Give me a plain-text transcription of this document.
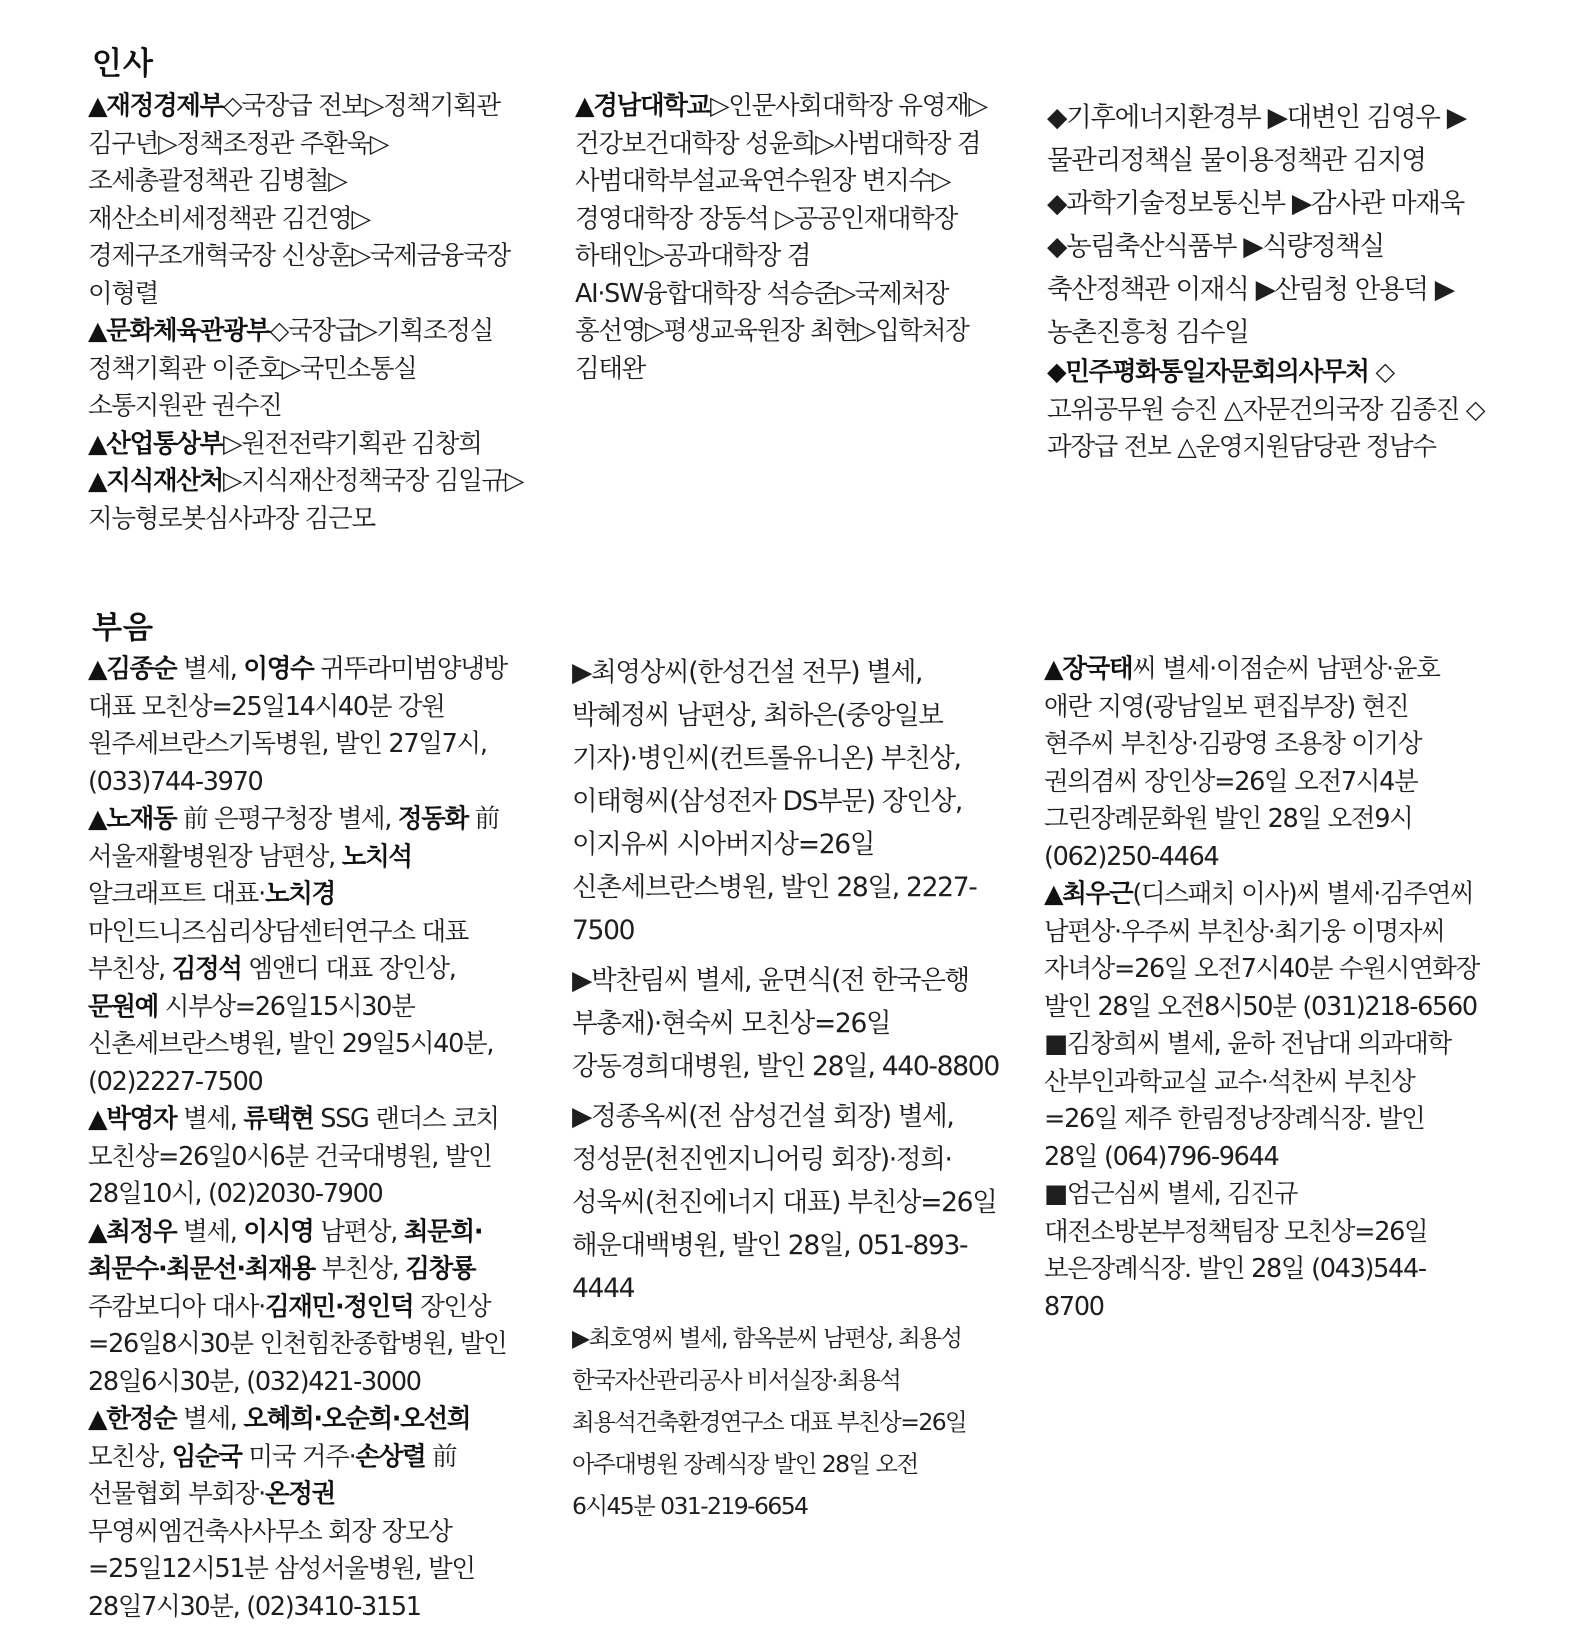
인사

▲재정경제부◇국장급 전보▷정책기획관 김구년▷정책조정관 주환욱▷조세총괄정책관 김병철▷재산소비세정책관 김건영▷경제구조개혁국장 신상훈▷국제금융국장 이형렬

▲문화체육관광부◇국장급▷기획조정실 정책기획관 이준호▷국민소통실 소통지원관 권수진

▲산업통상부▷원전전략기획관 김창희

▲지식재산처▷지식재산정책국장 김일규▷지능형로봇심사과장 김근모

▲경남대학교▷인문사회대학장 유영재▷건강보건대학장 성윤희▷사범대학장 겸 사범대학부설교육연수원장 변지수▷경영대학장 장동석 ▷공공인재대학장 하태인▷공과대학장 겸 AI·SW융합대학장 석승준▷국제처장 홍선영▷평생교육원장 최현▷입학처장 김태완

◆기후에너지환경부 ▶대변인 김영우 ▶물관리정책실 물이용정책관 김지영

◆과학기술정보통신부 ▶감사관 마재욱

◆농림축산식품부 ▶식량정책실 축산정책관 이재식 ▶산림청 안용덕 ▶농촌진흥청 김수일

◆민주평화통일자문회의사무처 ◇고위공무원 승진 △자문건의국장 김종진 ◇과장급 전보 △운영지원담당관 정남수

부음

▲김종순 별세, 이영수 귀뚜라미범양냉방 대표 모친상=25일14시40분 강원 원주세브란스기독병원, 발인 27일7시, (033)744-3970

▲노재동 前 은평구청장 별세, 정동화 前 서울재활병원장 남편상, 노치석 알크래프트 대표·노치경 마인드니즈심리상담센터연구소 대표 부친상, 김정석 엠앤디 대표 장인상, 문원예 시부상=26일15시30분 신촌세브란스병원, 발인 29일5시40분, (02)2227-7500

▲박영자 별세, 류택현 SSG 랜더스 코치 모친상=26일0시6분 건국대병원, 발인 28일10시, (02)2030-7900

▲최정우 별세, 이시영 남편상, 최문희·최문수·최문선·최재용 부친상, 김창룡 주캄보디아 대사·김재민·정인덕 장인상=26일8시30분 인천힘찬종합병원, 발인 28일6시30분, (032)421-3000

▲한정순 별세, 오혜희·오순희·오선희 모친상, 임순국 미국 거주·손상렬 前 선물협회 부회장·온정권 무영씨엠건축사사무소 회장 장모상=25일12시51분 삼성서울병원, 발인 28일7시30분, (02)3410-3151

▶최영상씨(한성건설 전무) 별세, 박혜정씨 남편상, 최하은(중앙일보 기자)·병인씨(컨트롤유니온) 부친상, 이태형씨(삼성전자 DS부문) 장인상, 이지유씨 시아버지상=26일 신촌세브란스병원, 발인 28일, 2227-7500

▶박찬림씨 별세, 윤면식(전 한국은행 부총재)·현숙씨 모친상=26일 강동경희대병원, 발인 28일, 440-8800

▶정종옥씨(전 삼성건설 회장) 별세, 정성문(천진엔지니어링 회장)·정희·성욱씨(천진에너지 대표) 부친상=26일 해운대백병원, 발인 28일, 051-893-4444

▶최호영씨 별세, 함옥분씨 남편상, 최용성 한국자산관리공사 비서실장·최용석 최용석건축환경연구소 대표 부친상=26일 아주대병원 장례식장 발인 28일 오전 6시45분 031-219-6654

▲장국태씨 별세·이점순씨 남편상·윤호 애란 지영(광남일보 편집부장) 현진 현주씨 부친상·김광영 조용창 이기상 권의겸씨 장인상=26일 오전7시4분 그린장례문화원 발인 28일 오전9시 (062)250-4464

▲최우근(디스패치 이사)씨 별세·김주연씨 남편상·우주씨 부친상·최기웅 이명자씨 자녀상=26일 오전7시40분 수원시연화장 발인 28일 오전8시50분 (031)218-6560

■김창희씨 별세, 윤하 전남대 의과대학 산부인과학교실 교수·석찬씨 부친상=26일 제주 한림정낭장례식장. 발인 28일 (064)796-9644

■엄근심씨 별세, 김진규 대전소방본부정책팀장 모친상=26일 보은장례식장. 발인 28일 (043)544-8700
